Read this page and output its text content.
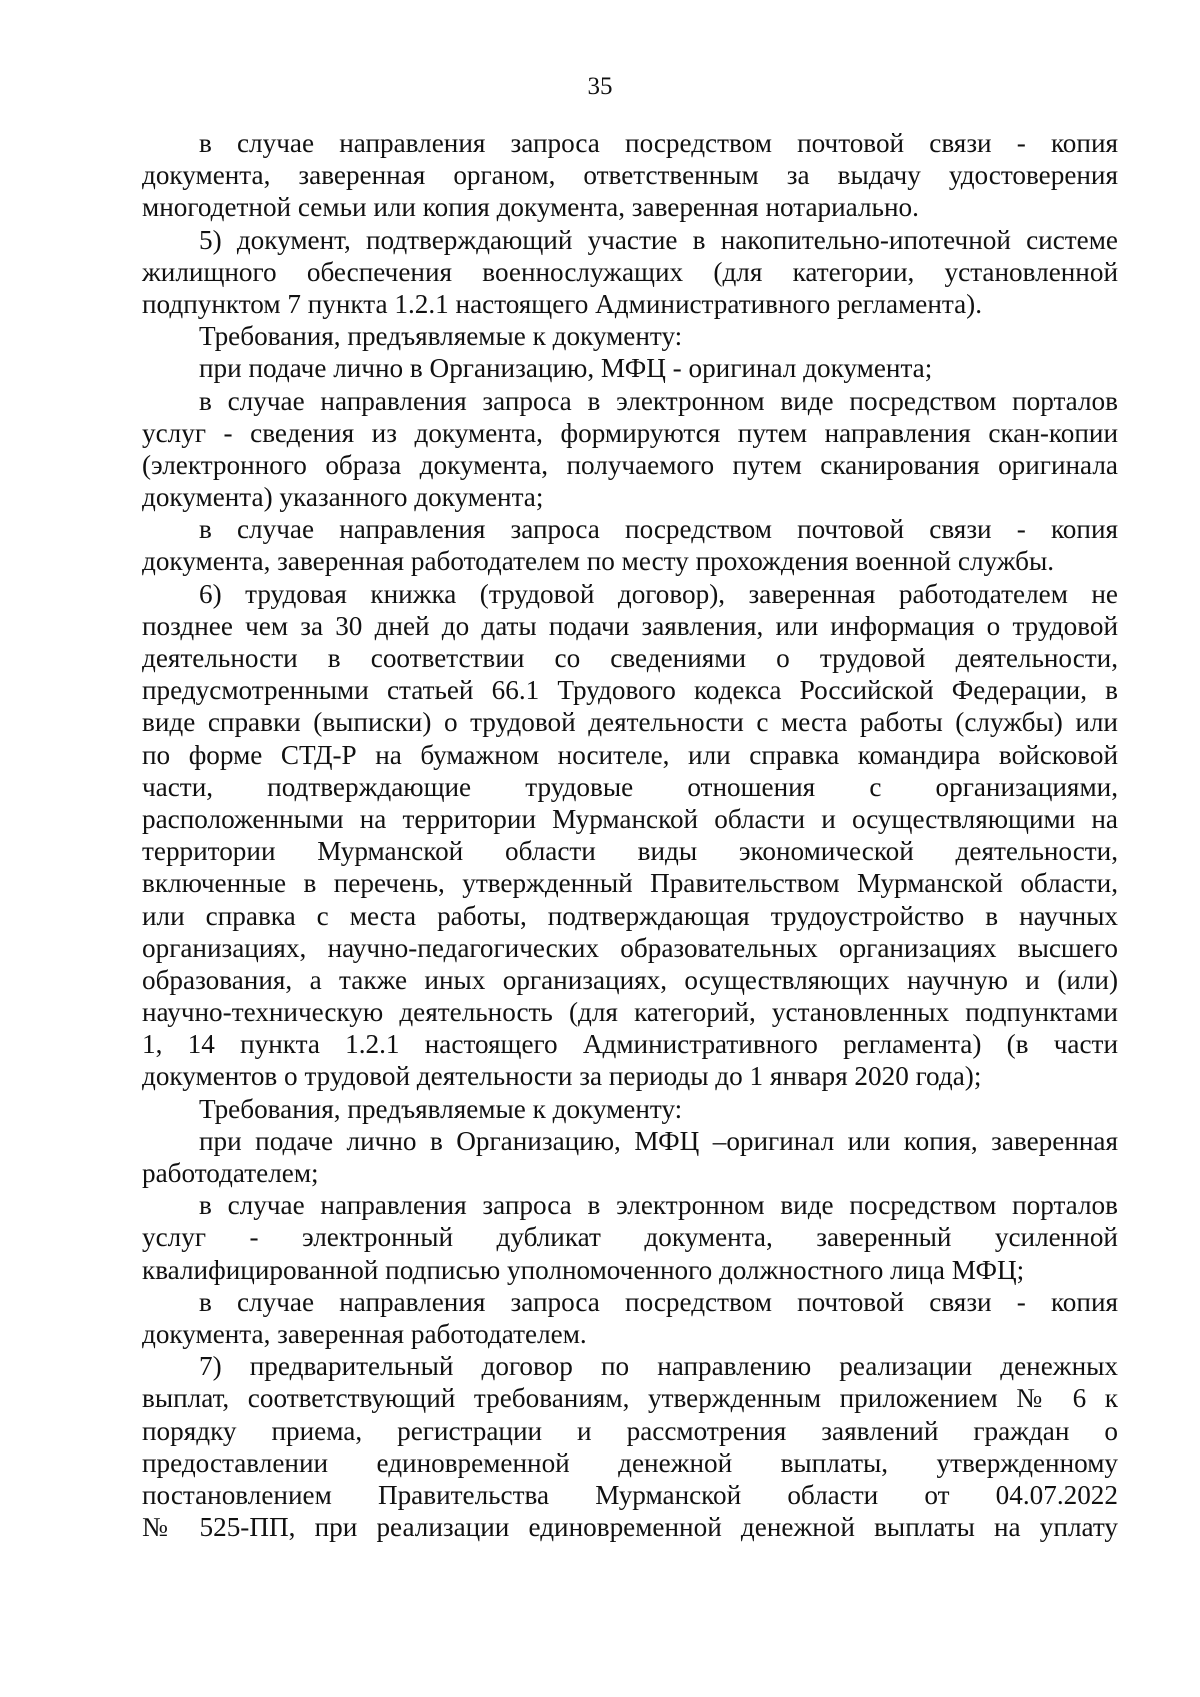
35
в случае направления запроса посредством почтовой связи - копия
документа, заверенная органом, ответственным за выдачу удостоверения
многодетной семьи или копия документа, заверенная нотариально.
5) документ, подтверждающий участие в накопительно-ипотечной системе
жилищного обеспечения военнослужащих (для категории, установленной
подпунктом 7 пункта 1.2.1 настоящего Административного регламента).
Требования, предъявляемые к документу:
при подаче лично в Организацию, МФЦ - оригинал документа;
в случае направления запроса в электронном виде посредством порталов
услуг - сведения из документа, формируются путем направления скан-копии
(электронного образа документа, получаемого путем сканирования оригинала
документа) указанного документа;
в случае направления запроса посредством почтовой связи - копия
документа, заверенная работодателем по месту прохождения военной службы.
6) трудовая книжка (трудовой договор), заверенная работодателем не
позднее чем за 30 дней до даты подачи заявления, или информация о трудовой
деятельности в соответствии со сведениями о трудовой деятельности,
предусмотренными статьей 66.1 Трудового кодекса Российской Федерации, в
виде справки (выписки) о трудовой деятельности с места работы (службы) или
по форме СТД-Р на бумажном носителе, или справка командира войсковой
части, подтверждающие трудовые отношения с организациями,
расположенными на территории Мурманской области и осуществляющими на
территории Мурманской области виды экономической деятельности,
включенные в перечень, утвержденный Правительством Мурманской области,
или справка с места работы, подтверждающая трудоустройство в научных
организациях, научно-педагогических образовательных организациях высшего
образования, а также иных организациях, осуществляющих научную и (или)
научно-техническую деятельность (для категорий, установленных подпунктами
1, 14 пункта 1.2.1 настоящего Административного регламента) (в части
документов о трудовой деятельности за периоды до 1 января 2020 года);
Требования, предъявляемые к документу:
при подаче лично в Организацию, МФЦ –оригинал или копия, заверенная
работодателем;
в случае направления запроса в электронном виде посредством порталов
услуг - электронный дубликат документа, заверенный усиленной
квалифицированной подписью уполномоченного должностного лица МФЦ;
в случае направления запроса посредством почтовой связи - копия
документа, заверенная работодателем.
7) предварительный договор по направлению реализации денежных
выплат, соответствующий требованиям, утвержденным приложением № 6 к
порядку приема, регистрации и рассмотрения заявлений граждан о
предоставлении единовременной денежной выплаты, утвержденному
постановлением Правительства Мурманской области от 04.07.2022
№ 525-ПП, при реализации единовременной денежной выплаты на уплату
